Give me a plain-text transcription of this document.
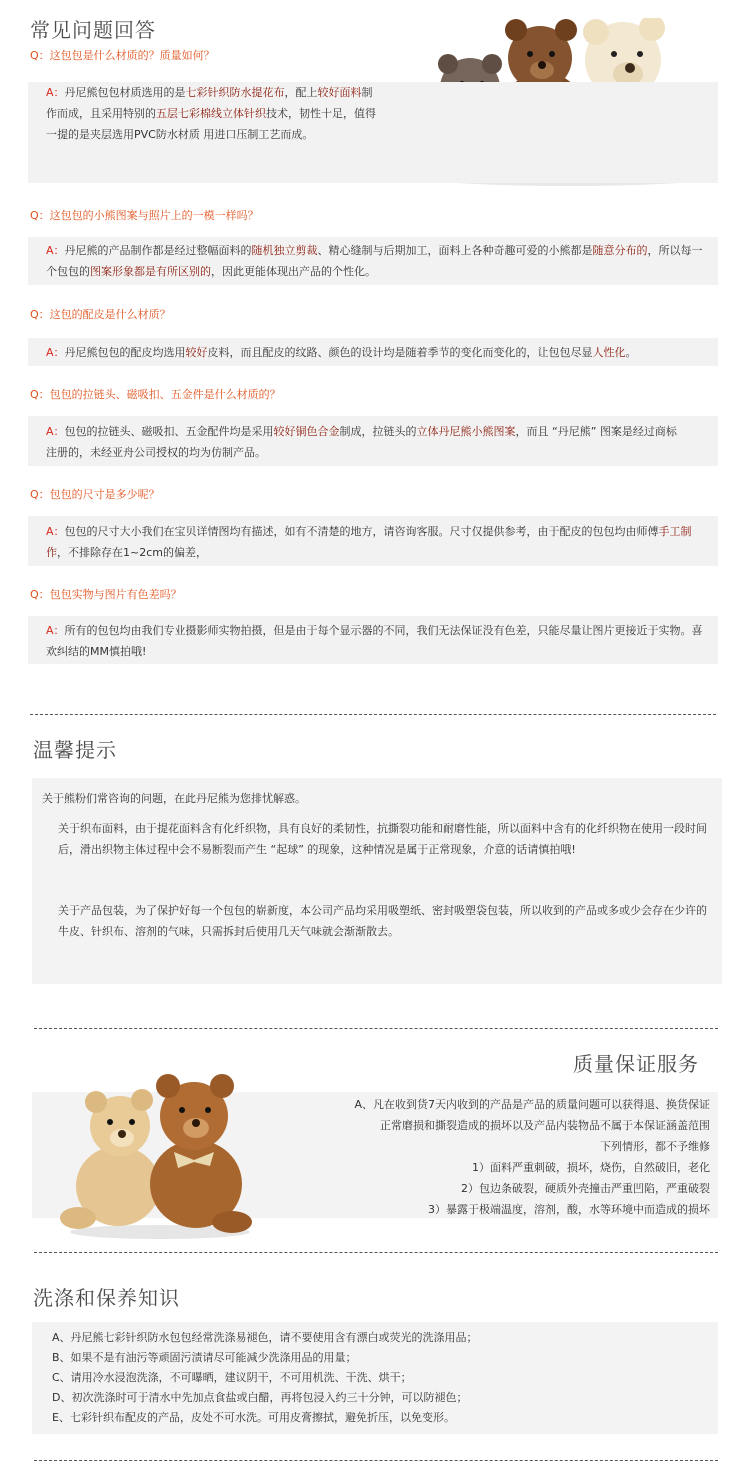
常见问题回答
Q：这包包是什么材质的？质量如何？
A：丹尼熊包包材质选用的是七彩针织防水提花布，配上较好面料制作而成，且采用特别的五层七彩棉线立体针织技术，韧性十足，值得一提的是夹层选用PVC防水材质 用进口压制工艺而成。
Q：这包包的小熊图案与照片上的一模一样吗？
A：丹尼熊的产品制作都是经过整幅面料的随机独立剪裁、精心缝制与后期加工，面料上各种奇趣可爱的小熊都是随意分布的，所以每一个包包的图案形象都是有所区别的，因此更能体现出产品的个性化。
Q：这包的配皮是什么材质？
A：丹尼熊包包的配皮均选用较好皮料，而且配皮的纹路、颜色的设计均是随着季节的变化而变化的，让包包尽显人性化。
Q：包包的拉链头、磁吸扣、五金件是什么材质的？
A：包包的拉链头、磁吸扣、五金配件均是采用较好铜色合金制成，拉链头的立体丹尼熊小熊图案，而且 “丹尼熊” 图案是经过商标注册的，未经亚舟公司授权的均为仿制产品。
Q：包包的尺寸是多少呢？
A：包包的尺寸大小我们在宝贝详情图均有描述，如有不清楚的地方，请咨询客服。尺寸仅提供参考，由于配皮的包包均由师傅手工制作，不排除存在1~2cm的偏差，
Q：包包实物与图片有色差吗？
A：所有的包包均由我们专业摄影师实物拍摄，但是由于每个显示器的不同，我们无法保证没有色差，只能尽量让图片更接近于实物。喜欢纠结的MM慎拍哦!
温馨提示
关于熊粉们常咨询的问题，在此丹尼熊为您排忧解惑。
关于织布面料，由于提花面料含有化纤织物，具有良好的柔韧性，抗撕裂功能和耐磨性能，所以面料中含有的化纤织物在使用一段时间后，滑出织物主体过程中会不易断裂而产生 “起球” 的现象，这种情况是属于正常现象，介意的话请慎拍哦!
关于产品包装，为了保护好每一个包包的崭新度，本公司产品均采用吸塑纸、密封吸塑袋包装，所以收到的产品或多或少会存在少许的牛皮、针织布、溶剂的气味，只需拆封后使用几天气味就会渐渐散去。
质量保证服务
A、凡在收到货7天内收到的产品是产品的质量问题可以获得退、换货保证
正常磨损和撕裂造成的损坏以及产品内装物品不属于本保证涵盖范围
下列情形，都不予维修
1）面料严重刺破，损坏，烧伤，自然破旧，老化
2）包边条破裂，硬质外壳撞击严重凹陷，严重破裂
3）暴露于极端温度，溶剂，酸，水等环境中而造成的损坏
洗涤和保养知识
A、丹尼熊七彩针织防水包包经常洗涤易褪色，请不要使用含有漂白或荧光的洗涤用品；
B、如果不是有油污等顽固污渍请尽可能减少洗涤用品的用量；
C、请用冷水浸泡洗涤，不可曝晒，建议阴干，不可用机洗、干洗、烘干；
D、初次洗涤时可于清水中先加点食盐或白醋，再将包浸入约三十分钟，可以防褪色；
E、七彩针织布配皮的产品，皮处不可水洗。可用皮膏擦拭，避免折压，以免变形。
